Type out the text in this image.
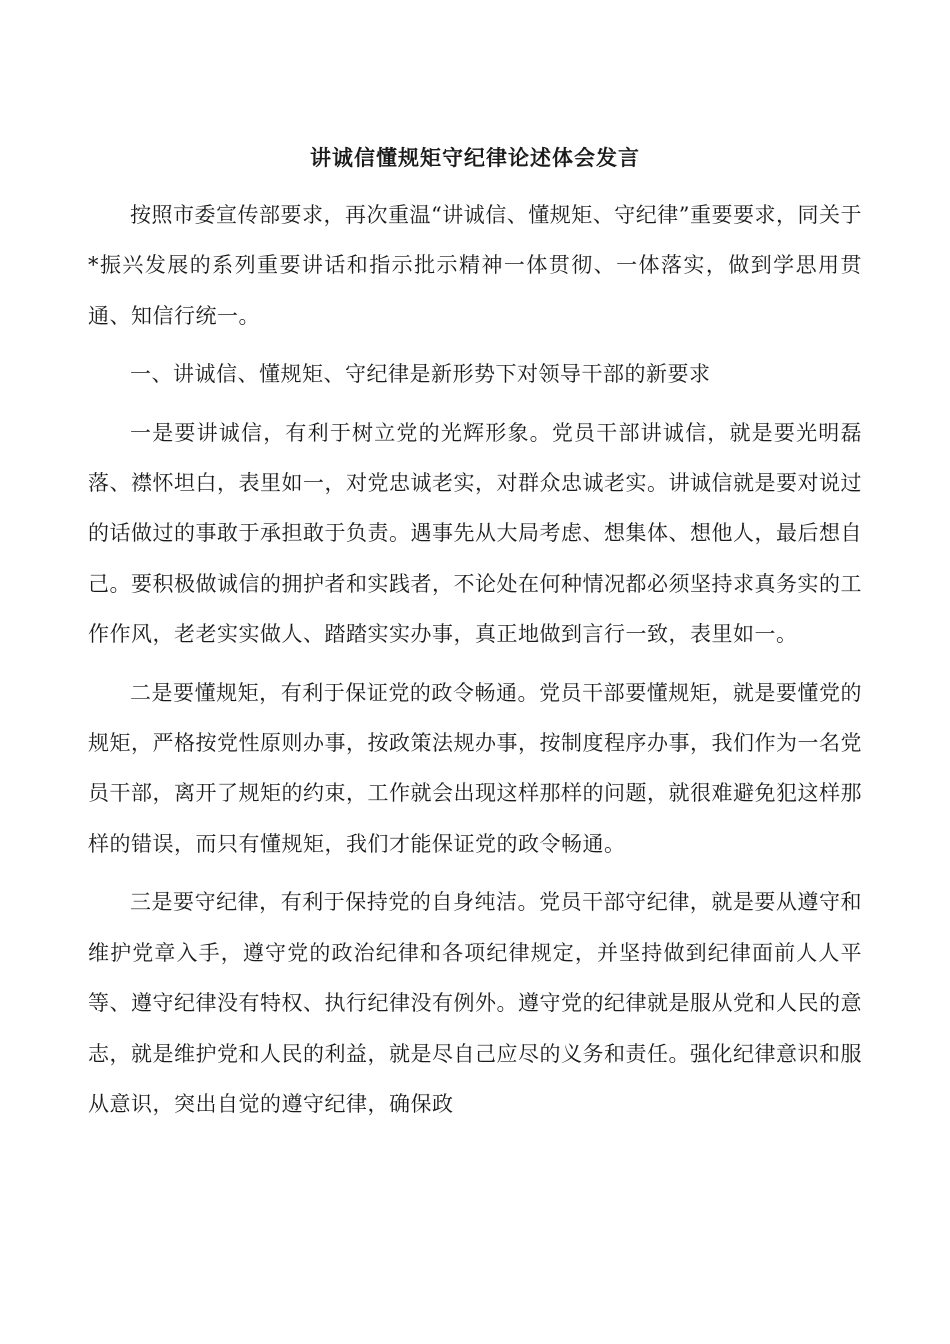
讲诚信懂规矩守纪律论述体会发言

按照市委宣传部要求，再次重温“讲诚信、懂规矩、守纪律”重要要求，同关于*振兴发展的系列重要讲话和指示批示精神一体贯彻、一体落实，做到学思用贯通、知信行统一。

一、讲诚信、懂规矩、守纪律是新形势下对领导干部的新要求

一是要讲诚信，有利于树立党的光辉形象。党员干部讲诚信，就是要光明磊落、襟怀坦白，表里如一，对党忠诚老实，对群众忠诚老实。讲诚信就是要对说过的话做过的事敢于承担敢于负责。遇事先从大局考虑、想集体、想他人，最后想自己。要积极做诚信的拥护者和实践者，不论处在何种情况都必须坚持求真务实的工作作风，老老实实做人、踏踏实实办事，真正地做到言行一致，表里如一。

二是要懂规矩，有利于保证党的政令畅通。党员干部要懂规矩，就是要懂党的规矩，严格按党性原则办事，按政策法规办事，按制度程序办事，我们作为一名党员干部，离开了规矩的约束，工作就会出现这样那样的问题，就很难避免犯这样那样的错误，而只有懂规矩，我们才能保证党的政令畅通。

三是要守纪律，有利于保持党的自身纯洁。党员干部守纪律，就是要从遵守和维护党章入手，遵守党的政治纪律和各项纪律规定，并坚持做到纪律面前人人平等、遵守纪律没有特权、执行纪律没有例外。遵守党的纪律就是服从党和人民的意志，就是维护党和人民的利益，就是尽自己应尽的义务和责任。强化纪律意识和服从意识，突出自觉的遵守纪律，确保政
